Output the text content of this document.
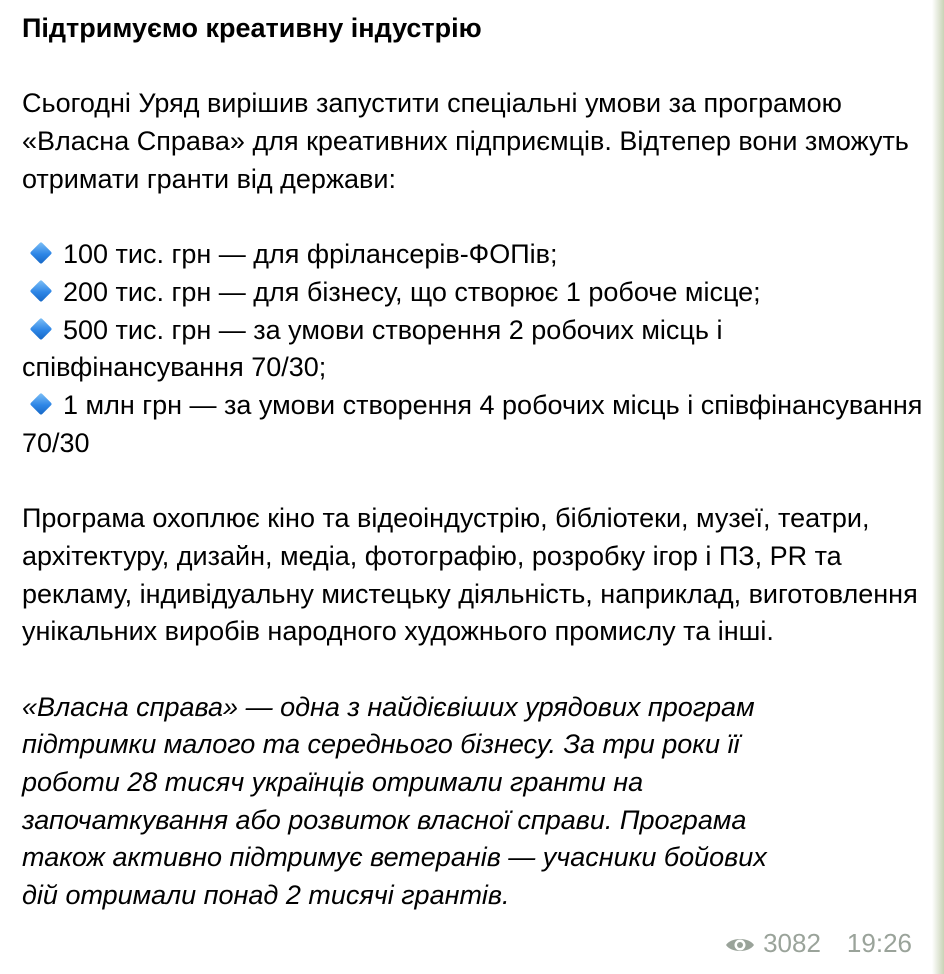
Підтримуємо креативну індустрію

Сьогодні Уряд вирішив запустити спеціальні умови за програмою «Власна Справа» для креативних підприємців. Відтепер вони зможуть отримати гранти від держави:

100 тис. грн — для фрілансерів-ФОПів;
200 тис. грн — для бізнесу, що створює 1 робоче місце;
500 тис. грн — за умови створення 2 робочих місць і співфінансування 70/30;
1 млн грн — за умови створення 4 робочих місць і співфінансування 70/30

Програма охоплює кіно та відеоіндустрію, бібліотеки, музеї, театри, архітектуру, дизайн, медіа, фотографію, розробку ігор і ПЗ, PR та рекламу, індивідуальну мистецьку діяльність, наприклад, виготовлення унікальних виробів народного художнього промислу та інші.

«Власна справа» — одна з найдієвіших урядових програм підтримки малого та середнього бізнесу. За три роки її роботи 28 тисяч українців отримали гранти на започаткування або розвиток власної справи. Програма також активно підтримує ветеранів — учасники бойових дій отримали понад 2 тисячі грантів.

3082 19:26
